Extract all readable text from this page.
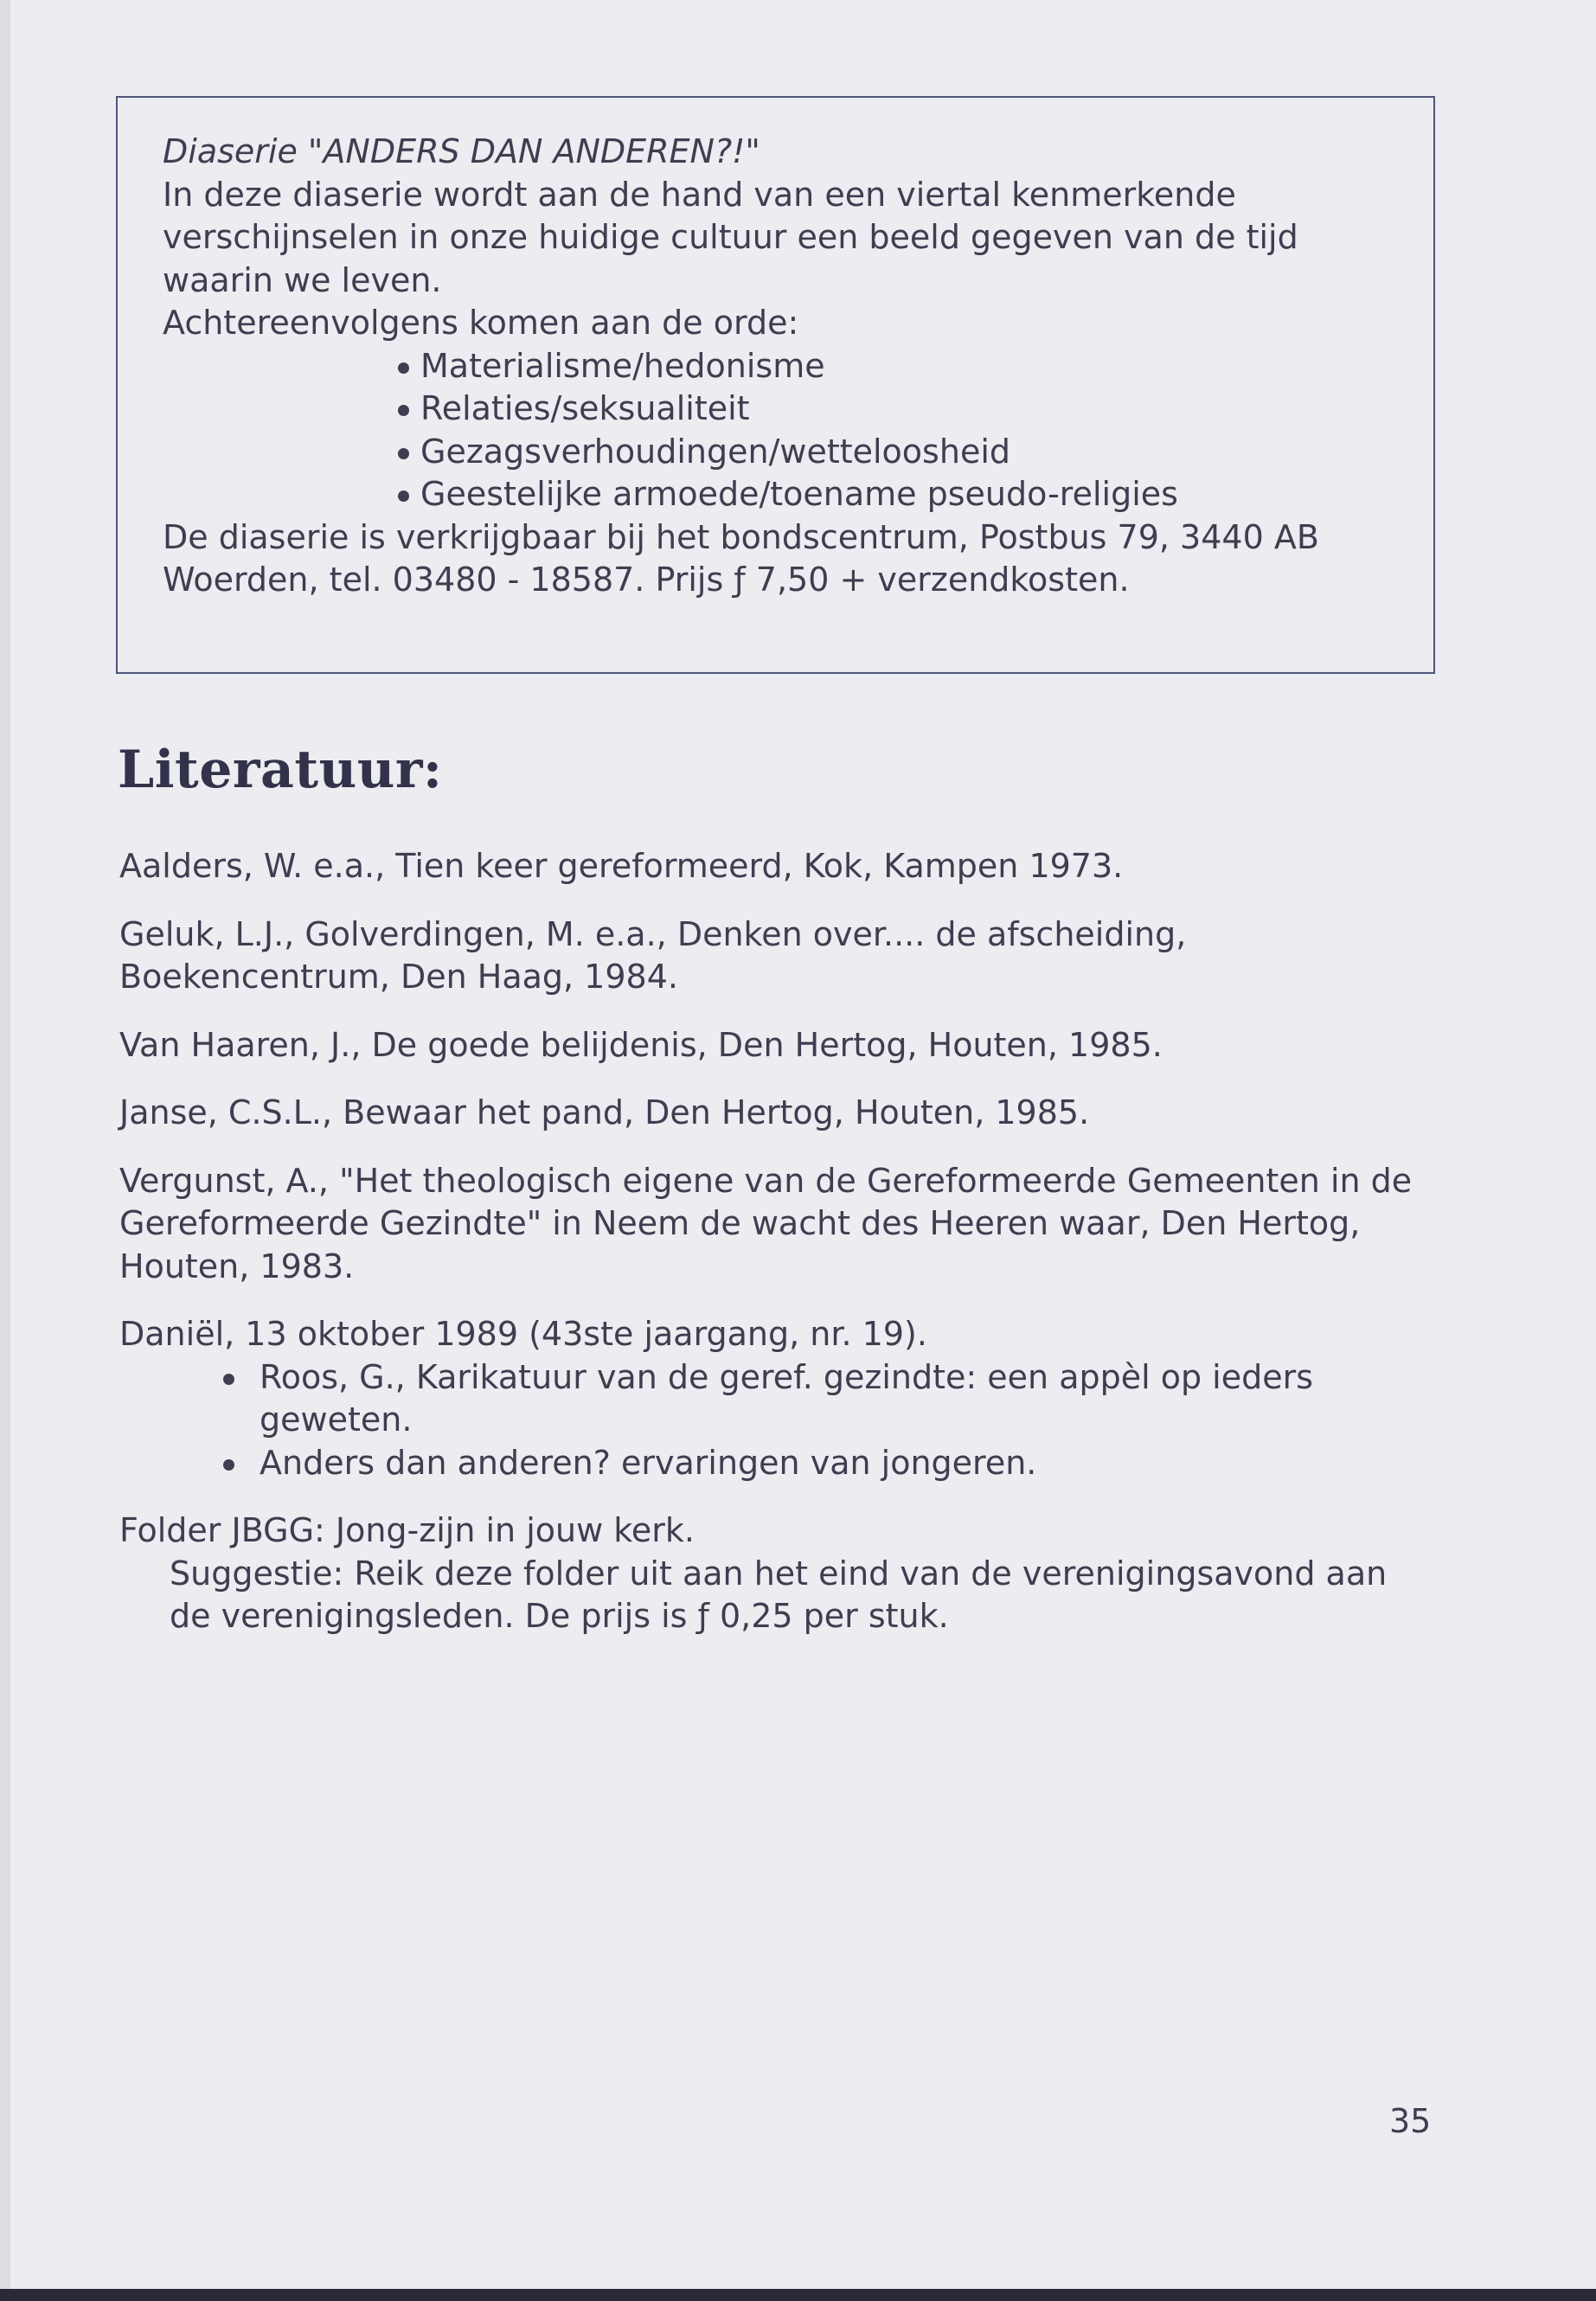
Diaserie "ANDERS DAN ANDEREN?!"

In deze diaserie wordt aan de hand van een viertal kenmerkende verschijnselen in onze huidige cultuur een beeld gegeven van de tijd waarin we leven.

Achtereenvolgens komen aan de orde:

Materialisme/hedonisme
Relaties/seksualiteit
Gezagsverhoudingen/wetteloosheid
Geestelijke armoede/toename pseudo-religies

De diaserie is verkrijgbaar bij het bondscentrum, Postbus 79, 3440 AB Woerden, tel. 03480 - 18587. Prijs ƒ 7,50 + verzendkosten.

Literatuur:

Aalders, W. e.a., Tien keer gereformeerd, Kok, Kampen 1973.

Geluk, L.J., Golverdingen, M. e.a., Denken over.... de afscheiding, Boekencentrum, Den Haag, 1984.

Van Haaren, J., De goede belijdenis, Den Hertog, Houten, 1985.

Janse, C.S.L., Bewaar het pand, Den Hertog, Houten, 1985.

Vergunst, A., "Het theologisch eigene van de Gereformeerde Gemeenten in de Gereformeerde Gezindte" in Neem de wacht des Heeren waar, Den Hertog, Houten, 1983.

Daniël, 13 oktober 1989 (43ste jaargang, nr. 19).

Roos, G., Karikatuur van de geref. gezindte: een appèl op ieders geweten.
Anders dan anderen? ervaringen van jongeren.

Folder JBGG: Jong-zijn in jouw kerk.

Suggestie: Reik deze folder uit aan het eind van de verenigingsavond aan de verenigingsleden. De prijs is ƒ 0,25 per stuk.

35
